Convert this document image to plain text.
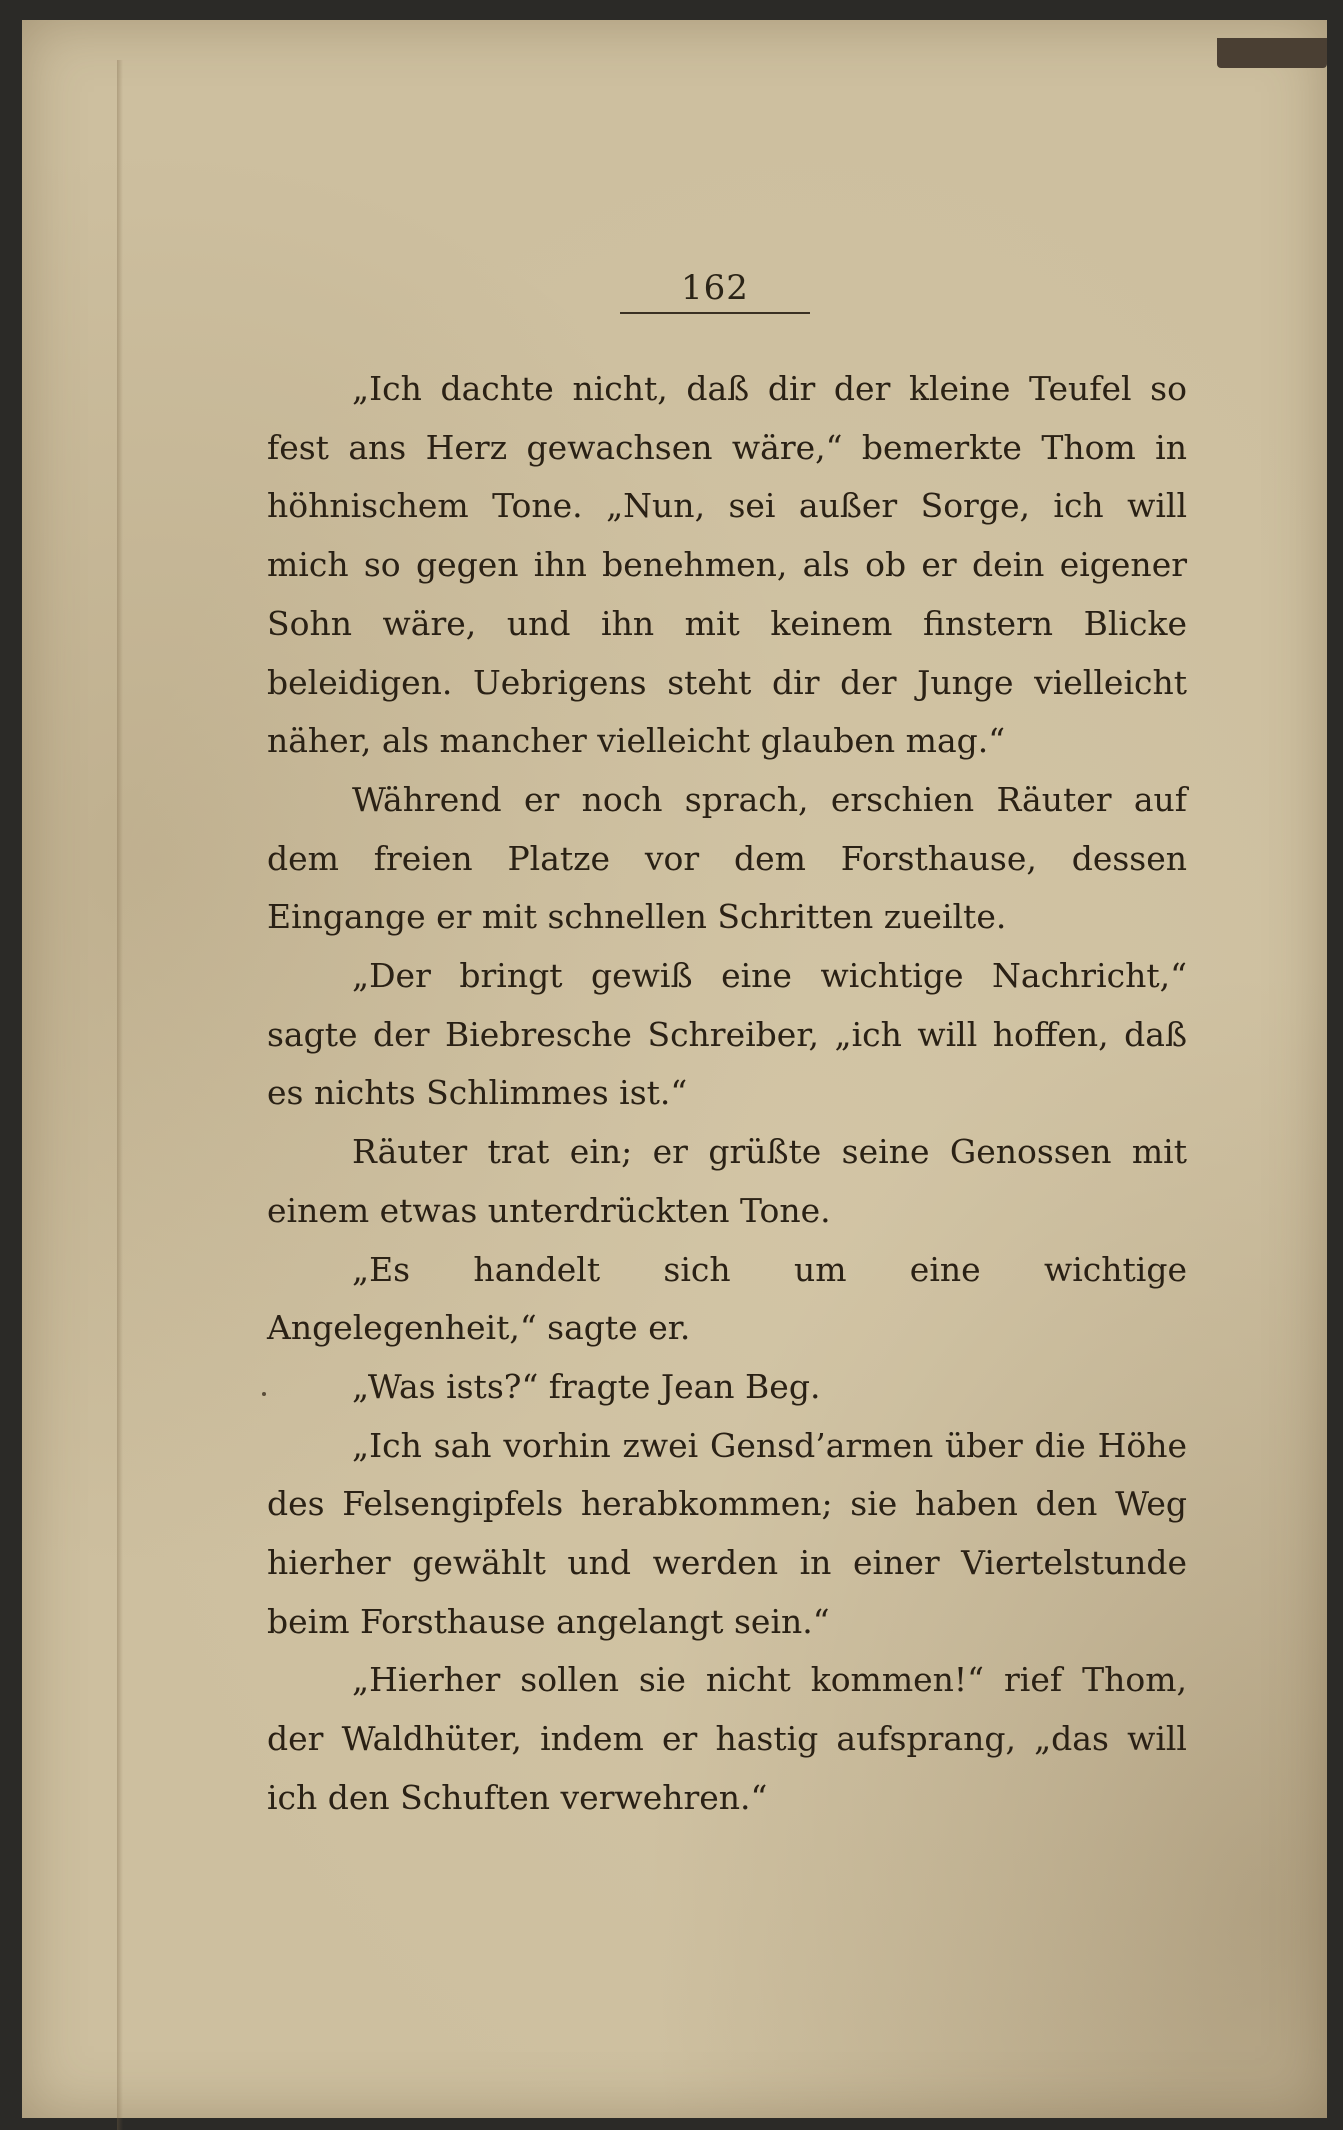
162

„Ich dachte nicht, daß dir der kleine Teufel so fest ans Herz gewachsen wäre,“ bemerkte Thom in höhnischem Tone. „Nun, sei außer Sorge, ich will mich so gegen ihn benehmen, als ob er dein eigener Sohn wäre, und ihn mit keinem finstern Blicke beleidigen. Uebrigens steht dir der Junge vielleicht näher, als mancher vielleicht glauben mag.“

Während er noch sprach, erschien Räuter auf dem freien Platze vor dem Forsthause, dessen Eingange er mit schnellen Schritten zueilte.

„Der bringt gewiß eine wichtige Nachricht,“ sagte der Biebresche Schreiber, „ich will hoffen, daß es nichts Schlimmes ist.“

Räuter trat ein; er grüßte seine Genossen mit einem etwas unterdrückten Tone.

„Es handelt sich um eine wichtige Angelegenheit,“ sagte er.

„Was ists?“ fragte Jean Beg.

„Ich sah vorhin zwei Gensd’armen über die Höhe des Felsengipfels herabkommen; sie haben den Weg hierher gewählt und werden in einer Viertelstunde beim Forsthause angelangt sein.“

„Hierher sollen sie nicht kommen!“ rief Thom, der Waldhüter, indem er hastig aufsprang, „das will ich den Schuften verwehren.“
